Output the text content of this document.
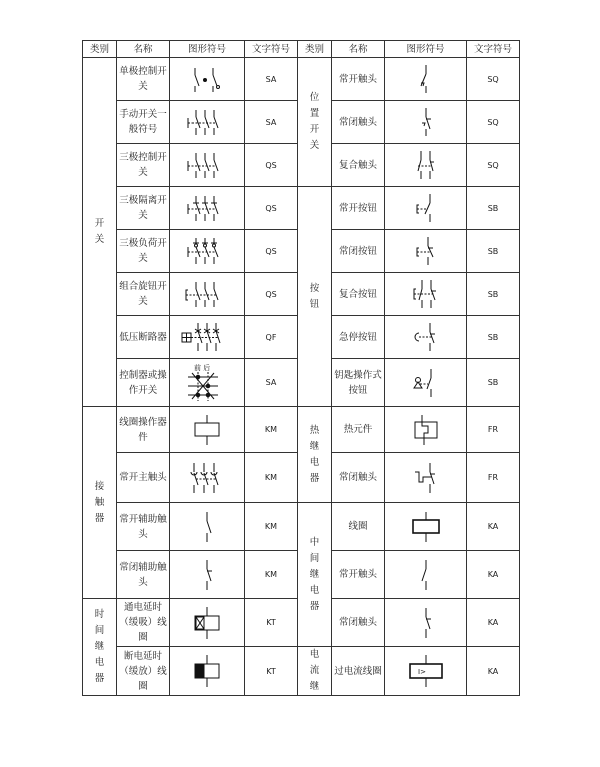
类别	名称	图形符号	文字符号	类别	名称	图形符号	文字符号

开关	单极控制开关		SA	位置开关	常开触头		SQ
	手动开关一般符号		SA		常闭触头		SQ
	三极控制开关		QS		复合触头		SQ
	三极隔离开关		QS	按钮	常开按钮		SB
	三极负荷开关		QS		常闭按钮		SB
	组合旋钮开关		QS		复合按钮		SB
	低压断路器		QF		急停按钮		SB
	控制器或操作开关	前 后	SA		钥匙操作式按钮		SB

接触器	线圈操作器件		KM	热继电器	热元件		FR
	常开主触头		KM		常闭触头		FR
	常开辅助触头		KM	中间继电器	线圈		KA
	常闭辅助触头		KM		常开触头		KA

时间继电器	通电延时（缓吸）线圈		KT		常闭触头		KA
	断电延时（缓放）线圈		KT	电流继	过电流线圈	I>	KA
